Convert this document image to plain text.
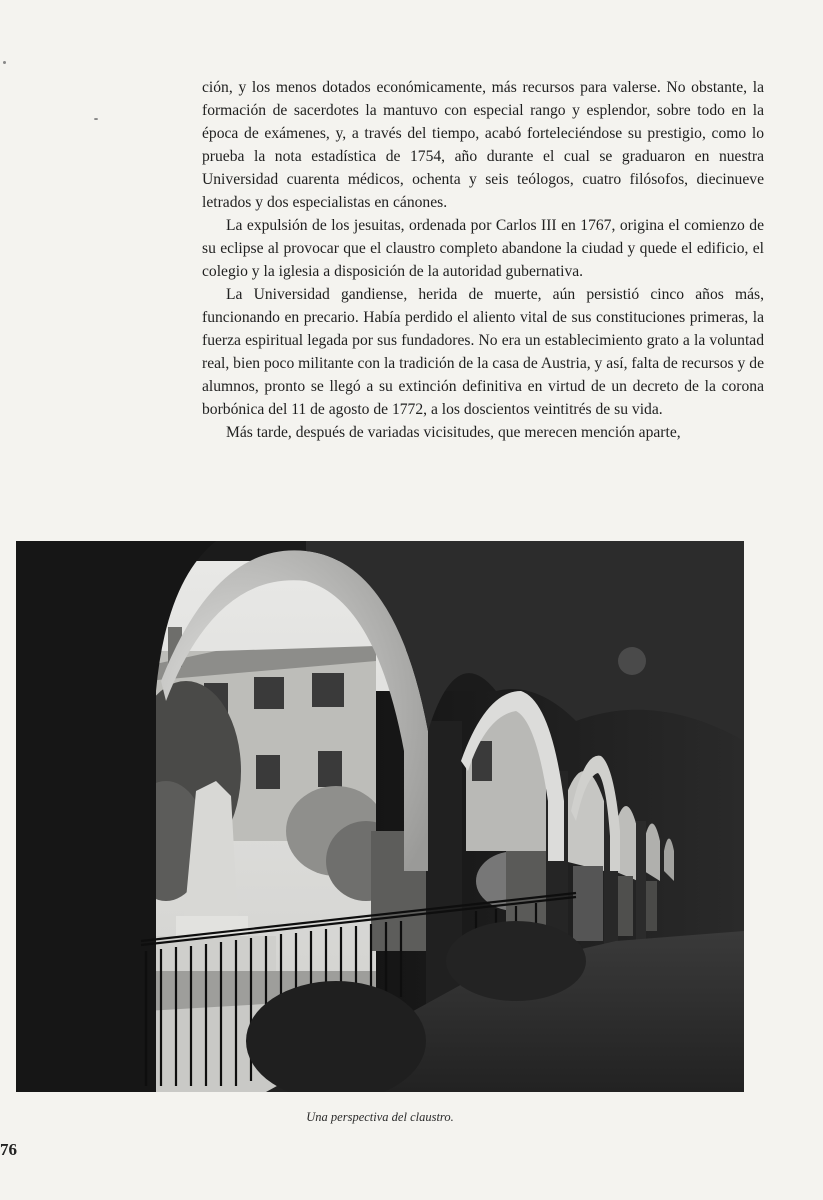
ción, y los menos dotados económicamente, más recursos para valerse. No obstante, la formación de sacerdotes la mantuvo con especial rango y esplendor, sobre todo en la época de exámenes, y, a través del tiempo, acabó forteleciéndose su prestigio, como lo prueba la nota estadística de 1754, año durante el cual se graduaron en nuestra Universidad cuarenta médicos, ochenta y seis teólogos, cuatro filósofos, diecinueve letrados y dos especialistas en cánones.

La expulsión de los jesuitas, ordenada por Carlos III en 1767, origina el comienzo de su eclipse al provocar que el claustro completo abandone la ciudad y quede el edificio, el colegio y la iglesia a disposición de la autoridad gubernativa.

La Universidad gandiense, herida de muerte, aún persistió cinco años más, funcionando en precario. Había perdido el aliento vital de sus constituciones primeras, la fuerza espiritual legada por sus fundadores. No era un establecimiento grato a la voluntad real, bien poco militante con la tradición de la casa de Austria, y así, falta de recursos y de alumnos, pronto se llegó a su extinción definitiva en virtud de un decreto de la corona borbónica del 11 de agosto de 1772, a los doscientos veintitrés de su vida.

Más tarde, después de variadas vicisitudes, que merecen mención aparte,

Una perspectiva del claustro.
76
